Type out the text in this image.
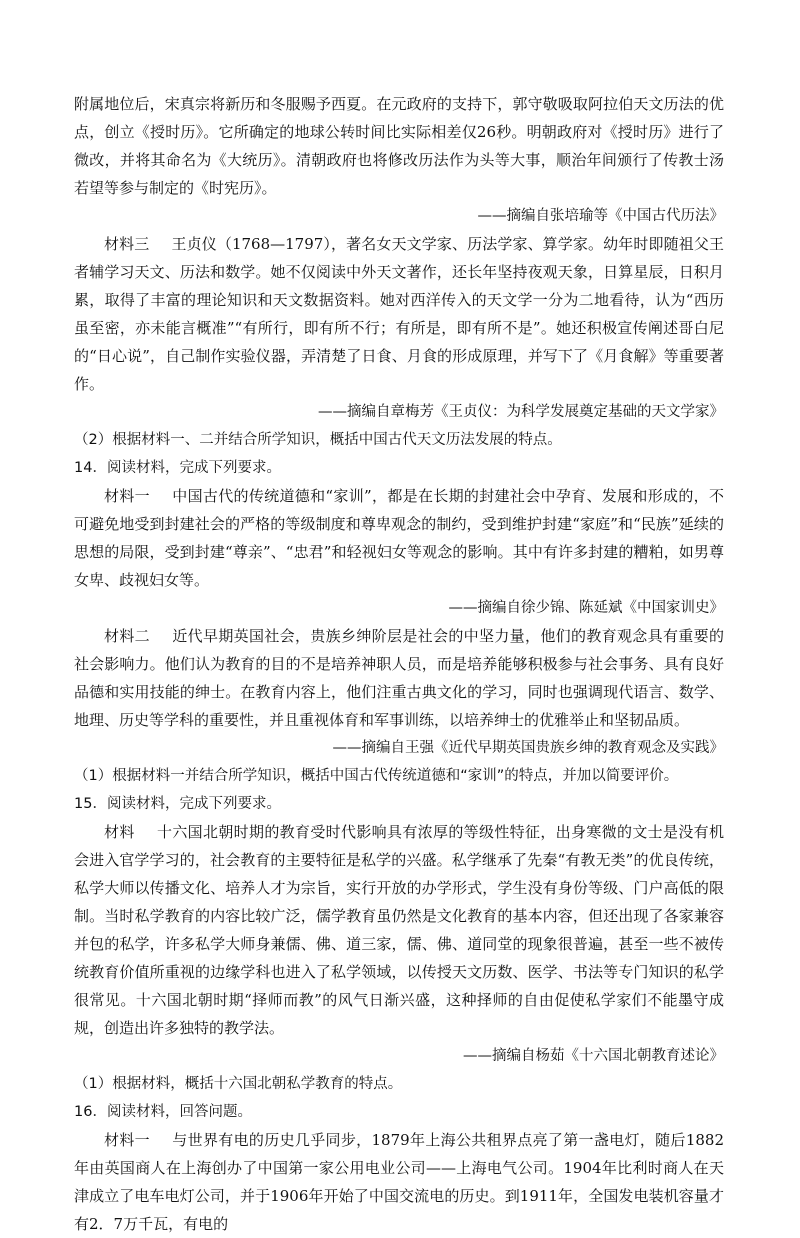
附属地位后，宋真宗将新历和冬服赐予西夏。在元政府的支持下，郭守敬吸取阿拉伯天文历法的优点，创立《授时历》。它所确定的地球公转时间比实际相差仅26秒。明朝政府对《授时历》进行了微改，并将其命名为《大统历》。清朝政府也将修改历法作为头等大事，顺治年间颁行了传教士汤若望等参与制定的《时宪历》。

——摘编自张培瑜等《中国古代历法》

材料三 王贞仪（1768—1797），著名女天文学家、历法学家、算学家。幼年时即随祖父王者辅学习天文、历法和数学。她不仅阅读中外天文著作，还长年坚持夜观天象，日算星辰，日积月累，取得了丰富的理论知识和天文数据资料。她对西洋传入的天文学一分为二地看待，认为“西历虽至密，亦未能言概准”“有所行，即有所不行；有所是，即有所不是”。她还积极宣传阐述哥白尼的“日心说”，自己制作实验仪器，弄清楚了日食、月食的形成原理，并写下了《月食解》等重要著作。

——摘编自章梅芳《王贞仪：为科学发展奠定基础的天文学家》

（2）根据材料一、二并结合所学知识，概括中国古代天文历法发展的特点。

14．阅读材料，完成下列要求。

材料一 中国古代的传统道德和“家训”，都是在长期的封建社会中孕育、发展和形成的，不可避免地受到封建社会的严格的等级制度和尊卑观念的制约，受到维护封建“家庭”和“民族”延续的思想的局限，受到封建“尊亲”、“忠君”和轻视妇女等观念的影响。其中有许多封建的糟粕，如男尊女卑、歧视妇女等。

——摘编自徐少锦、陈延斌《中国家训史》

材料二 近代早期英国社会，贵族乡绅阶层是社会的中坚力量，他们的教育观念具有重要的社会影响力。他们认为教育的目的不是培养神职人员，而是培养能够积极参与社会事务、具有良好品德和实用技能的绅士。在教育内容上，他们注重古典文化的学习，同时也强调现代语言、数学、地理、历史等学科的重要性，并且重视体育和军事训练，以培养绅士的优雅举止和坚韧品质。

——摘编自王强《近代早期英国贵族乡绅的教育观念及实践》

（1）根据材料一并结合所学知识，概括中国古代传统道德和“家训”的特点，并加以简要评价。

15．阅读材料，完成下列要求。

材料 十六国北朝时期的教育受时代影响具有浓厚的等级性特征，出身寒微的文士是没有机会进入官学学习的，社会教育的主要特征是私学的兴盛。私学继承了先秦“有教无类”的优良传统，私学大师以传播文化、培养人才为宗旨，实行开放的办学形式，学生没有身份等级、门户高低的限制。当时私学教育的内容比较广泛，儒学教育虽仍然是文化教育的基本内容，但还出现了各家兼容并包的私学，许多私学大师身兼儒、佛、道三家，儒、佛、道同堂的现象很普遍，甚至一些不被传统教育价值所重视的边缘学科也进入了私学领域，以传授天文历数、医学、书法等专门知识的私学很常见。十六国北朝时期“择师而教”的风气日渐兴盛，这种择师的自由促使私学家们不能墨守成规，创造出许多独特的教学法。

——摘编自杨茹《十六国北朝教育述论》

（1）根据材料，概括十六国北朝私学教育的特点。

16．阅读材料，回答问题。

材料一 与世界有电的历史几乎同步，1879年上海公共租界点亮了第一盏电灯，随后1882年由英国商人在上海创办了中国第一家公用电业公司——上海电气公司。1904年比利时商人在天津成立了电车电灯公司，并于1906年开始了中国交流电的历史。到1911年，全国发电装机容量才有2．7万千瓦，有电的
